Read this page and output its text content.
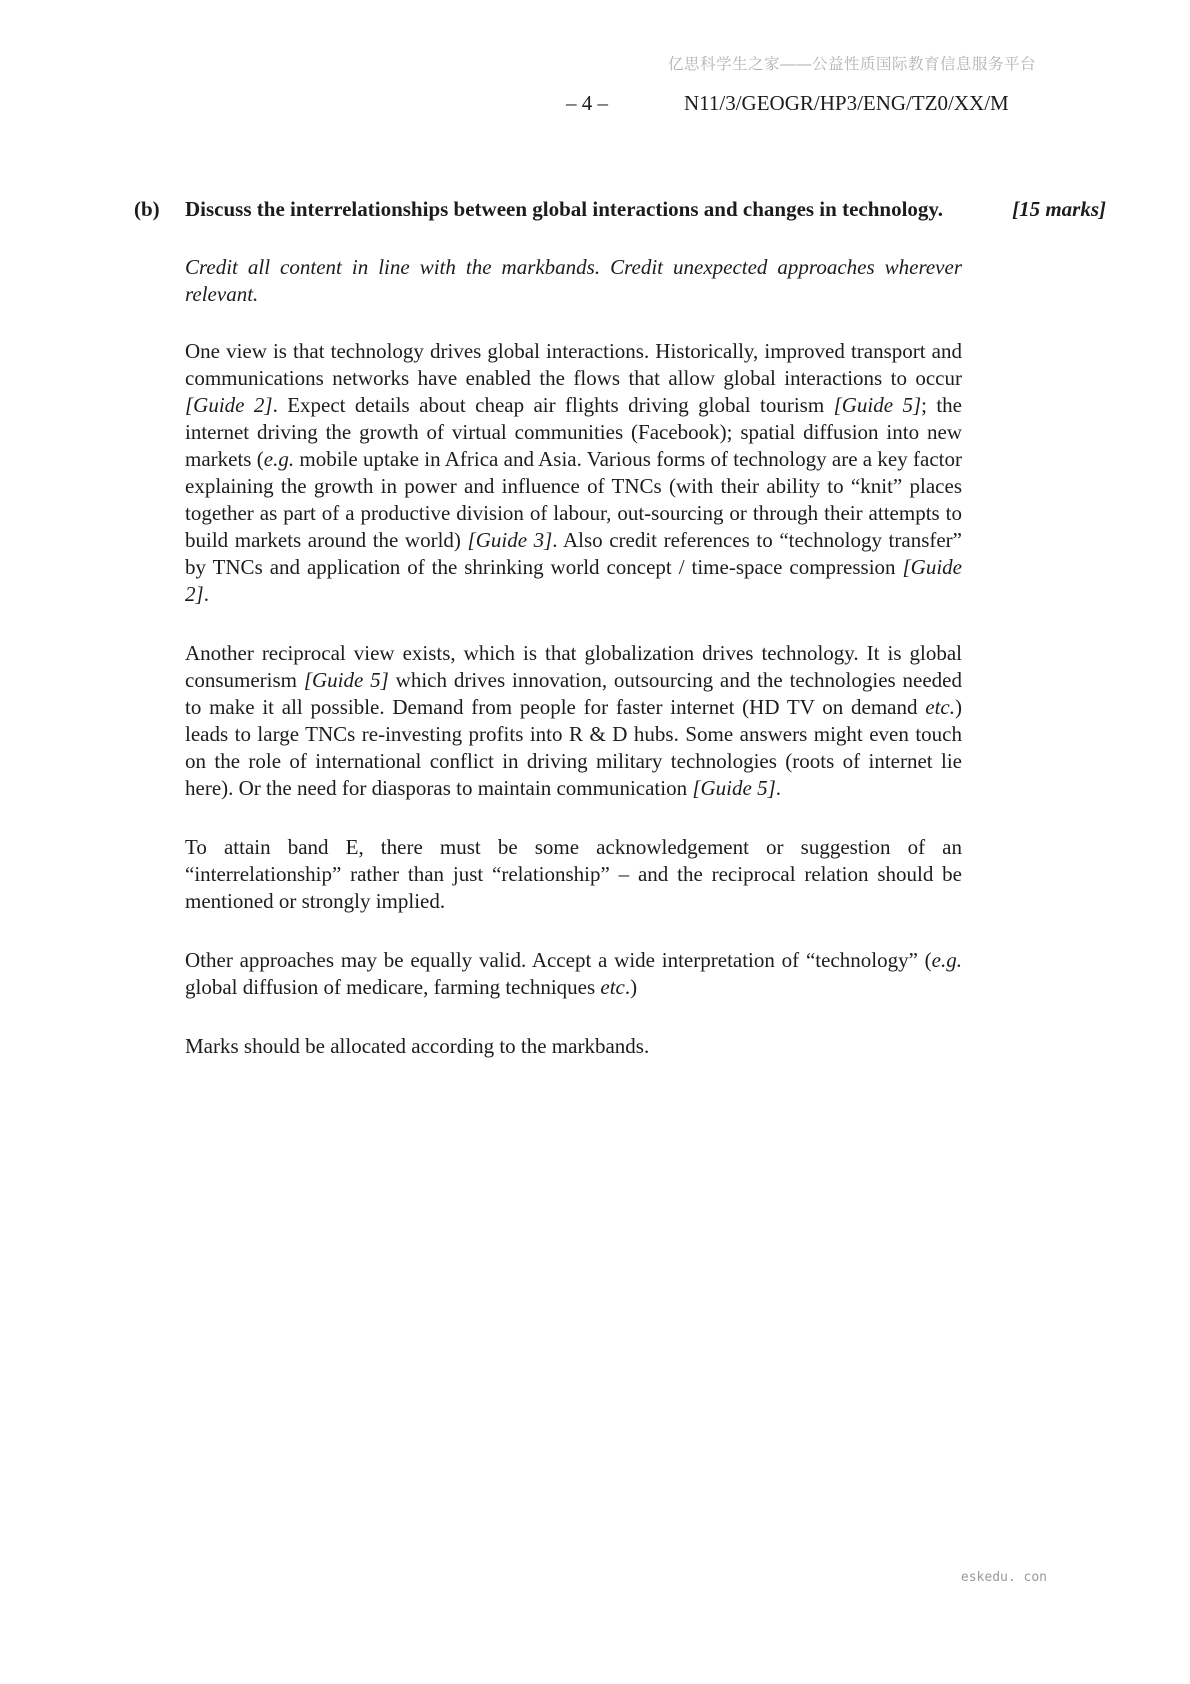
亿思科学生之家——公益性质国际教育信息服务平台
– 4 –	N11/3/GEOGR/HP3/ENG/TZ0/XX/M
(b)	Discuss the interrelationships between global interactions and changes in technology.	[15 marks]

Credit all content in line with the markbands. Credit unexpected approaches wherever relevant.

One view is that technology drives global interactions. Historically, improved transport and communications networks have enabled the flows that allow global interactions to occur [Guide 2]. Expect details about cheap air flights driving global tourism [Guide 5]; the internet driving the growth of virtual communities (Facebook); spatial diffusion into new markets (e.g. mobile uptake in Africa and Asia. Various forms of technology are a key factor explaining the growth in power and influence of TNCs (with their ability to “knit” places together as part of a productive division of labour, out-sourcing or through their attempts to build markets around the world) [Guide 3]. Also credit references to “technology transfer” by TNCs and application of the shrinking world concept / time-space compression [Guide 2].

Another reciprocal view exists, which is that globalization drives technology. It is global consumerism [Guide 5] which drives innovation, outsourcing and the technologies needed to make it all possible. Demand from people for faster internet (HD TV on demand etc.) leads to large TNCs re-investing profits into R & D hubs. Some answers might even touch on the role of international conflict in driving military technologies (roots of internet lie here). Or the need for diasporas to maintain communication [Guide 5].

To attain band E, there must be some acknowledgement or suggestion of an “interrelationship” rather than just “relationship” – and the reciprocal relation should be mentioned or strongly implied.

Other approaches may be equally valid. Accept a wide interpretation of “technology” (e.g. global diffusion of medicare, farming techniques etc.)

Marks should be allocated according to the markbands.

eskedu. con
